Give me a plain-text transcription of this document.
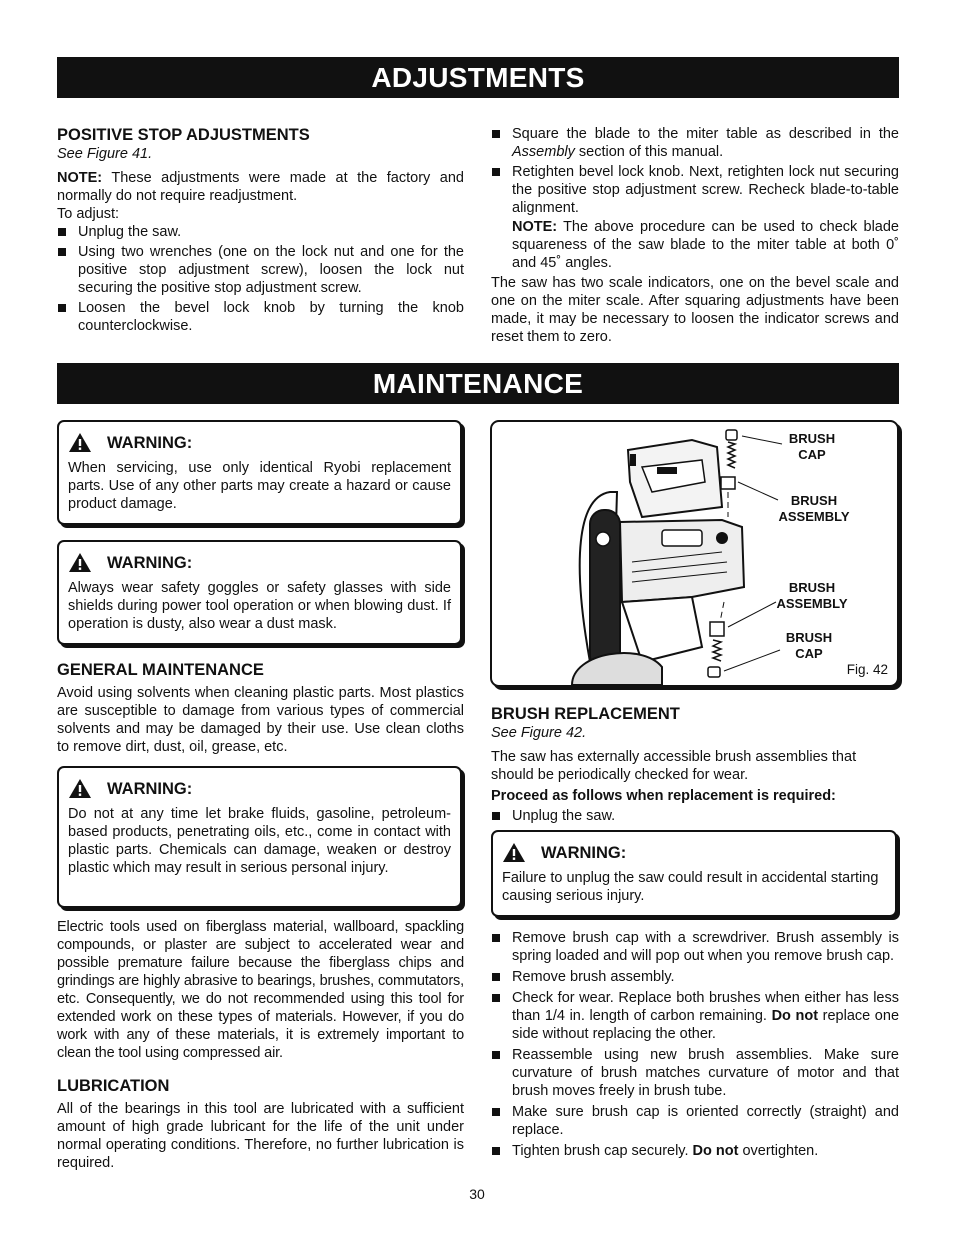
ADJUSTMENTS
POSITIVE STOP ADJUSTMENTS

See Figure 41.

NOTE: These adjustments were made at the factory and normally do not require readjustment.

To adjust:

Unplug the saw.
Using two wrenches (one on the lock nut and one for the positive stop adjustment screw), loosen the lock nut securing the positive stop adjustment screw.
Loosen the bevel lock knob by turning the knob counterclockwise.
Square the blade to the miter table as described in the Assembly section of this manual.
Retighten bevel lock knob. Next, retighten lock nut securing the positive stop adjustment screw. Recheck blade-to-table alignment.

NOTE: The above procedure can be used to check blade squareness of the saw blade to the miter table at both 0˚ and 45˚ angles.

The saw has two scale indicators, one on the bevel scale and one on the miter scale. After squaring adjustments have been made, it may be necessary to loosen the indicator screws and reset them to zero.

MAINTENANCE
WARNING:
When servicing, use only identical Ryobi replacement parts. Use of any other parts may create a hazard or cause product damage.
WARNING:
Always wear safety goggles or safety glasses with side shields during power tool operation or when blowing dust. If operation is dusty, also wear a dust mask.
GENERAL MAINTENANCE

Avoid using solvents when cleaning plastic parts. Most plastics are susceptible to damage from various types of commercial solvents and may be damaged by their use. Use clean cloths to remove dirt, dust, oil, grease, etc.

WARNING:
Do not at any time let brake fluids, gasoline, petroleum-based products, penetrating oils, etc., come in contact with plastic parts. Chemicals can damage, weaken or destroy plastic which may result in serious personal injury.

Electric tools used on fiberglass material, wallboard, spackling compounds, or plaster are subject to accelerated wear and possible premature failure because the fiberglass chips and grindings are highly abrasive to bearings, brushes, commutators, etc. Consequently, we do not recommended using this tool for extended work on these types of materials. However, if you do work with any of these materials, it is extremely important to clean the tool using compressed air.

LUBRICATION

All of the bearings in this tool are lubricated with a sufficient amount of high grade lubricant for the life of the unit under normal operating conditions. Therefore, no further lubrication is required.

BRUSH CAP
BRUSH ASSEMBLY
BRUSH ASSEMBLY
BRUSH CAP
Fig. 42
BRUSH REPLACEMENT

See Figure 42.

The saw has externally accessible brush assemblies that should be periodically checked for wear.

Proceed as follows when replacement is required:

Unplug the saw.
WARNING:
Failure to unplug the saw could result in accidental starting causing serious injury.
Remove brush cap with a screwdriver. Brush assembly is spring loaded and will pop out when you remove brush cap.
Remove brush assembly.
Check for wear. Replace both brushes when either has less than 1/4 in. length of carbon remaining. Do not replace one side without replacing the other.
Reassemble using new brush assemblies. Make sure curvature of brush matches curvature of motor and that brush moves freely in brush tube.
Make sure brush cap is oriented correctly (straight) and replace.
Tighten brush cap securely. Do not overtighten.
30
